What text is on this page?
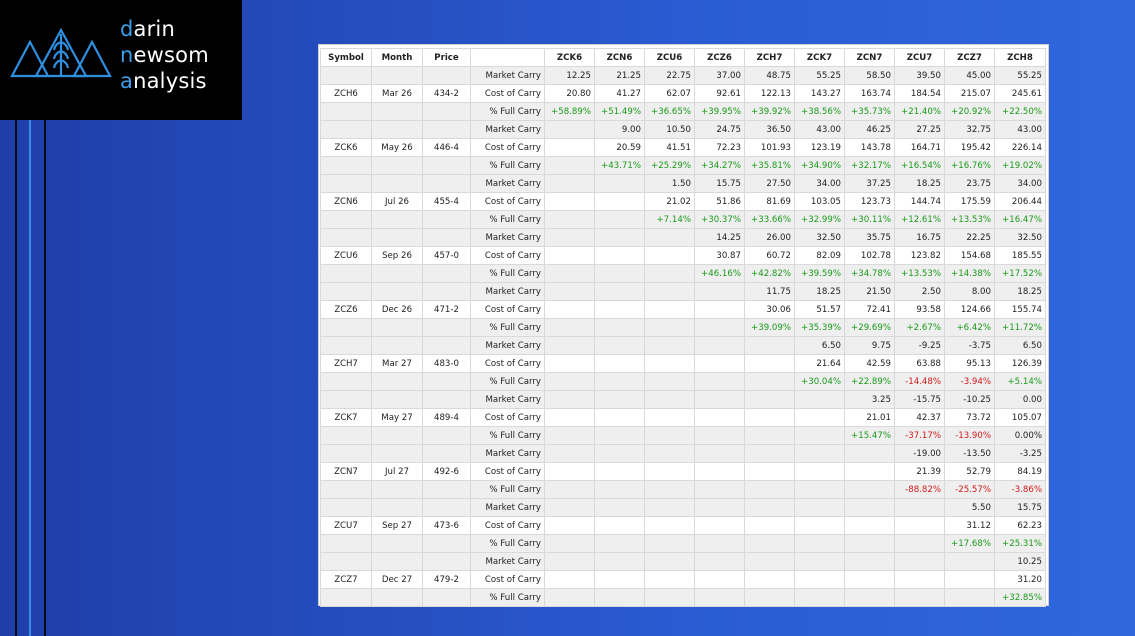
darin
newsom
analysis
Symbol	Month	Price		ZCK6	ZCN6	ZCU6	ZCZ6	ZCH7	ZCK7	ZCN7	ZCU7	ZCZ7	ZCH8
			Market Carry	12.25	21.25	22.75	37.00	48.75	55.25	58.50	39.50	45.00	55.25
ZCH6	Mar 26	434-2	Cost of Carry	20.80	41.27	62.07	92.61	122.13	143.27	163.74	184.54	215.07	245.61
			% Full Carry	+58.89%	+51.49%	+36.65%	+39.95%	+39.92%	+38.56%	+35.73%	+21.40%	+20.92%	+22.50%
			Market Carry		9.00	10.50	24.75	36.50	43.00	46.25	27.25	32.75	43.00
ZCK6	May 26	446-4	Cost of Carry		20.59	41.51	72.23	101.93	123.19	143.78	164.71	195.42	226.14
			% Full Carry		+43.71%	+25.29%	+34.27%	+35.81%	+34.90%	+32.17%	+16.54%	+16.76%	+19.02%
			Market Carry			1.50	15.75	27.50	34.00	37.25	18.25	23.75	34.00
ZCN6	Jul 26	455-4	Cost of Carry			21.02	51.86	81.69	103.05	123.73	144.74	175.59	206.44
			% Full Carry			+7.14%	+30.37%	+33.66%	+32.99%	+30.11%	+12.61%	+13.53%	+16.47%
			Market Carry				14.25	26.00	32.50	35.75	16.75	22.25	32.50
ZCU6	Sep 26	457-0	Cost of Carry				30.87	60.72	82.09	102.78	123.82	154.68	185.55
			% Full Carry				+46.16%	+42.82%	+39.59%	+34.78%	+13.53%	+14.38%	+17.52%
			Market Carry					11.75	18.25	21.50	2.50	8.00	18.25
ZCZ6	Dec 26	471-2	Cost of Carry					30.06	51.57	72.41	93.58	124.66	155.74
			% Full Carry					+39.09%	+35.39%	+29.69%	+2.67%	+6.42%	+11.72%
			Market Carry						6.50	9.75	-9.25	-3.75	6.50
ZCH7	Mar 27	483-0	Cost of Carry						21.64	42.59	63.88	95.13	126.39
			% Full Carry						+30.04%	+22.89%	-14.48%	-3.94%	+5.14%
			Market Carry							3.25	-15.75	-10.25	0.00
ZCK7	May 27	489-4	Cost of Carry							21.01	42.37	73.72	105.07
			% Full Carry							+15.47%	-37.17%	-13.90%	0.00%
			Market Carry								-19.00	-13.50	-3.25
ZCN7	Jul 27	492-6	Cost of Carry								21.39	52.79	84.19
			% Full Carry								-88.82%	-25.57%	-3.86%
			Market Carry									5.50	15.75
ZCU7	Sep 27	473-6	Cost of Carry									31.12	62.23
			% Full Carry									+17.68%	+25.31%
			Market Carry										10.25
ZCZ7	Dec 27	479-2	Cost of Carry										31.20
			% Full Carry										+32.85%
